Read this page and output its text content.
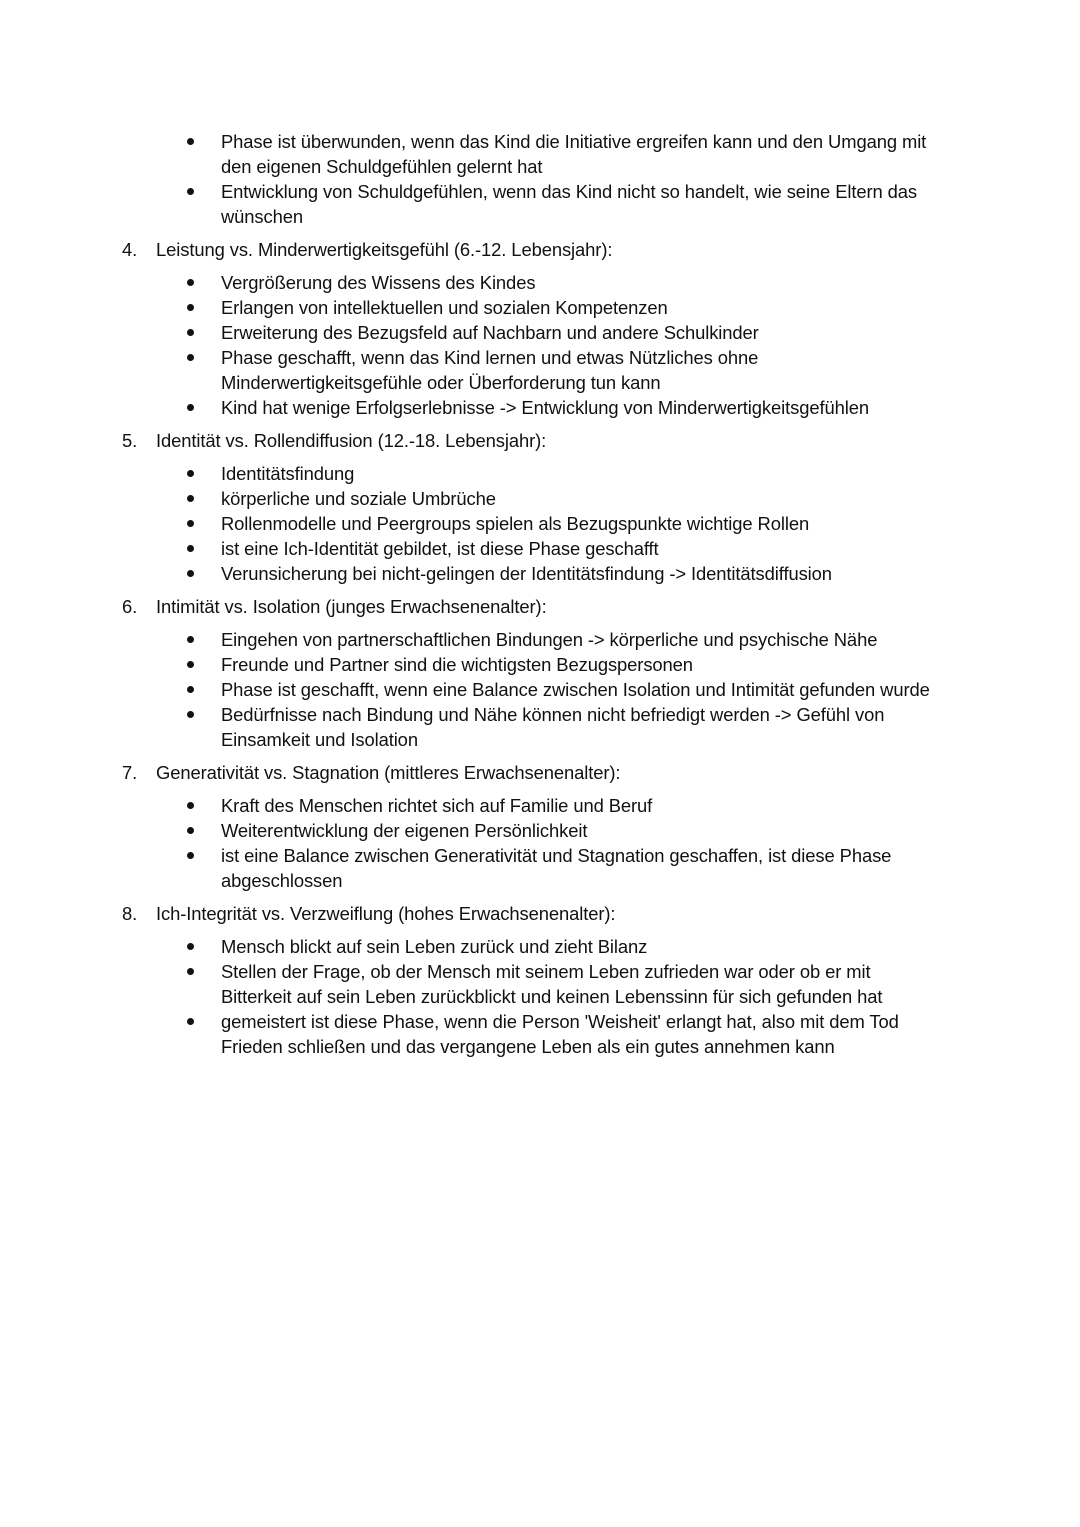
Phase ist überwunden, wenn das Kind die Initiative ergreifen kann und den Umgang mit den eigenen Schuldgefühlen gelernt hat
Entwicklung von Schuldgefühlen, wenn das Kind nicht so handelt, wie seine Eltern das wünschen
4. Leistung vs. Minderwertigkeitsgefühl (6.-12. Lebensjahr):
Vergrößerung des Wissens des Kindes
Erlangen von intellektuellen und sozialen Kompetenzen
Erweiterung des Bezugsfeld auf Nachbarn und andere Schulkinder
Phase geschafft, wenn das Kind lernen und etwas Nützliches ohne Minderwertigkeitsgefühle oder Überforderung tun kann
Kind hat wenige Erfolgserlebnisse -> Entwicklung von Minderwertigkeitsgefühlen
5. Identität vs. Rollendiffusion (12.-18. Lebensjahr):
Identitätsfindung
körperliche und soziale Umbrüche
Rollenmodelle und Peergroups spielen als Bezugspunkte wichtige Rollen
ist eine Ich-Identität gebildet, ist diese Phase geschafft
Verunsicherung bei nicht-gelingen der Identitätsfindung -> Identitätsdiffusion
6. Intimität vs. Isolation (junges Erwachsenenalter):
Eingehen von partnerschaftlichen Bindungen -> körperliche und psychische Nähe
Freunde und Partner sind die wichtigsten Bezugspersonen
Phase ist geschafft, wenn eine Balance zwischen Isolation und Intimität gefunden wurde
Bedürfnisse nach Bindung und Nähe können nicht befriedigt werden -> Gefühl von Einsamkeit und Isolation
7. Generativität vs. Stagnation (mittleres Erwachsenenalter):
Kraft des Menschen richtet sich auf Familie und Beruf
Weiterentwicklung der eigenen Persönlichkeit
ist eine Balance zwischen Generativität und Stagnation geschaffen, ist diese Phase abgeschlossen
8. Ich-Integrität vs. Verzweiflung (hohes Erwachsenenalter):
Mensch blickt auf sein Leben zurück und zieht Bilanz
Stellen der Frage, ob der Mensch mit seinem Leben zufrieden war oder ob er mit Bitterkeit auf sein Leben zurückblickt und keinen Lebenssinn für sich gefunden hat
gemeistert ist diese Phase, wenn die Person 'Weisheit' erlangt hat, also mit dem Tod Frieden schließen und das vergangene Leben als ein gutes annehmen kann
